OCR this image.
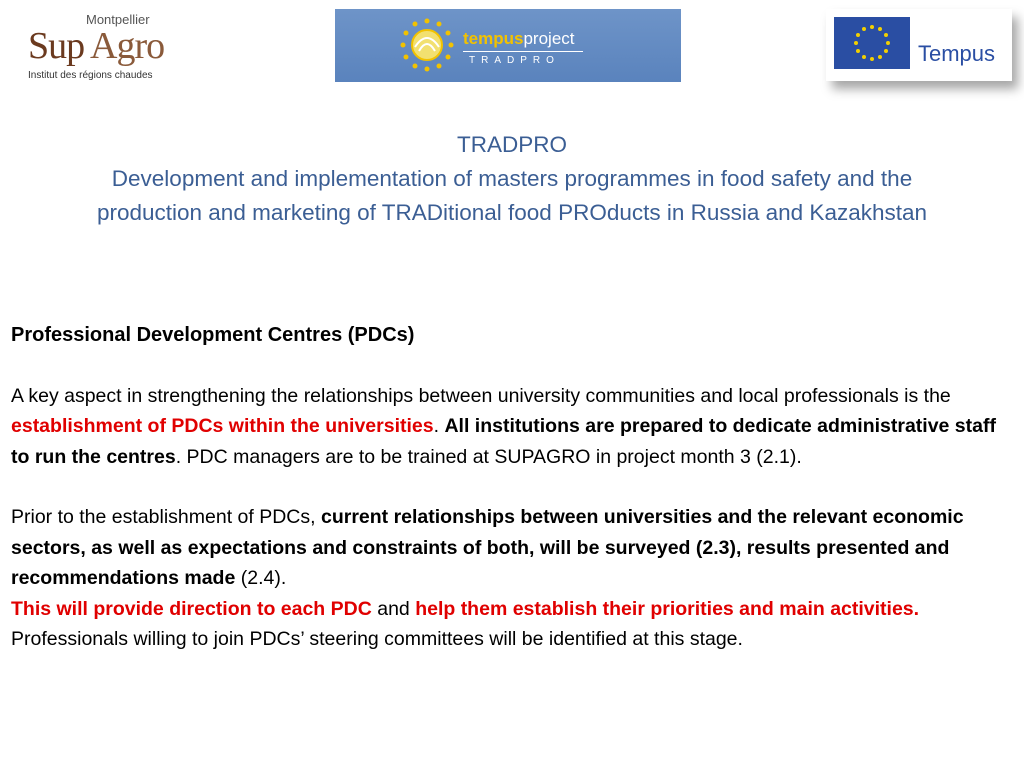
Montpellier
Sup Agro
Institut des régions chaudes
tempusproject
TRADPRO	Tempus
TRADPRO
Development and implementation of masters programmes in food safety and the
production and marketing of TRADitional food PROducts in Russia and Kazakhstan

Professional Development Centres (PDCs)

A key aspect in strengthening the relationships between university communities and local professionals is the establishment of PDCs within the universities. All institutions are prepared to dedicate administrative staff to run the centres. PDC managers are to be trained at SUPAGRO in project month 3 (2.1).

Prior to the establishment of PDCs, current relationships between universities and the relevant economic sectors, as well as expectations and constraints of both, will be surveyed (2.3), results presented and recommendations made (2.4).

This will provide direction to each PDC and help them establish their priorities and main activities. Professionals willing to join PDCs’ steering committees will be identified at this stage.
